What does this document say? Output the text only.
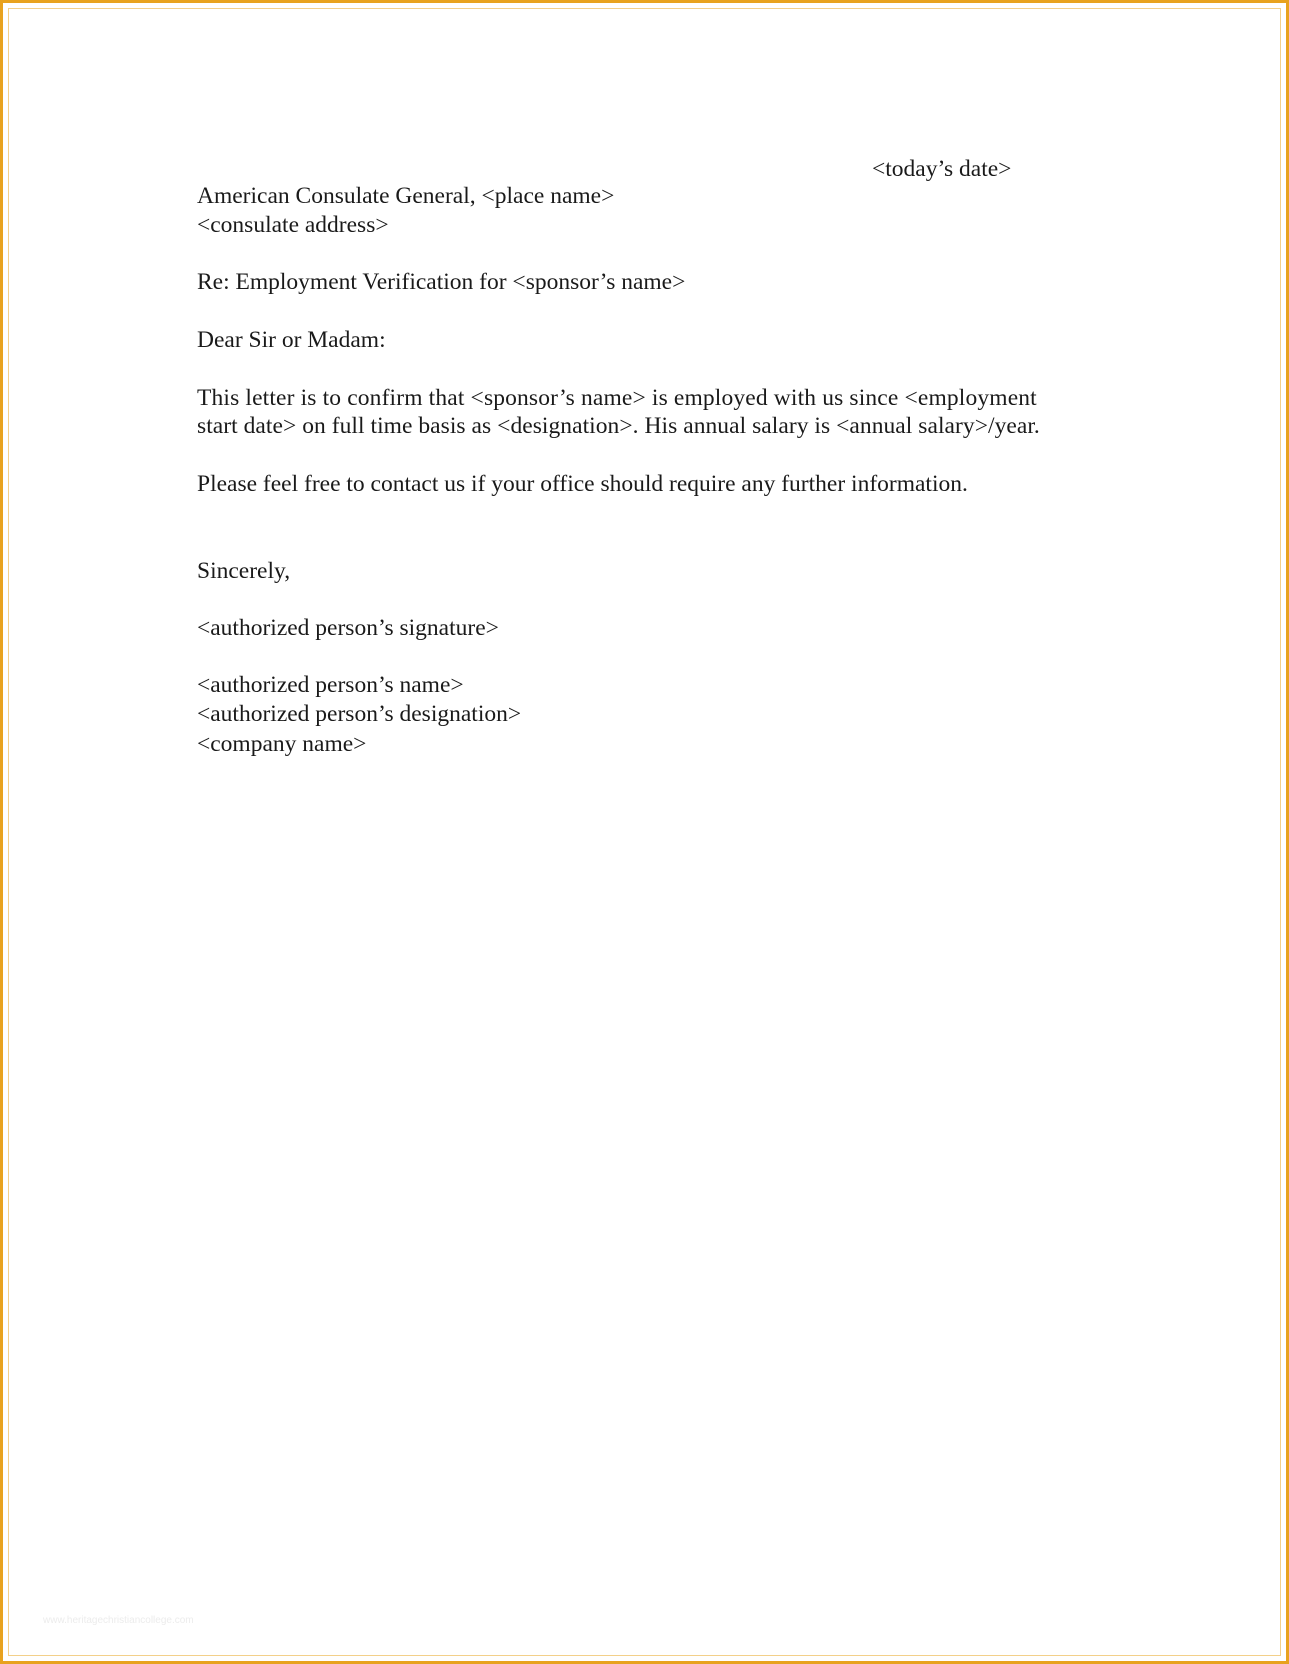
<today’s date>
American Consulate General, <place name>
<consulate address>
Re: Employment Verification for <sponsor’s name>
Dear Sir or Madam:
This letter is to confirm that <sponsor’s name> is employed with us since <employment
start date> on full time basis as <designation>. His annual salary is <annual salary>/year.
Please feel free to contact us if your office should require any further information.
Sincerely,
<authorized person’s signature>
<authorized person’s name>
<authorized person’s designation>
<company name>
www.heritagechristiancollege.com
